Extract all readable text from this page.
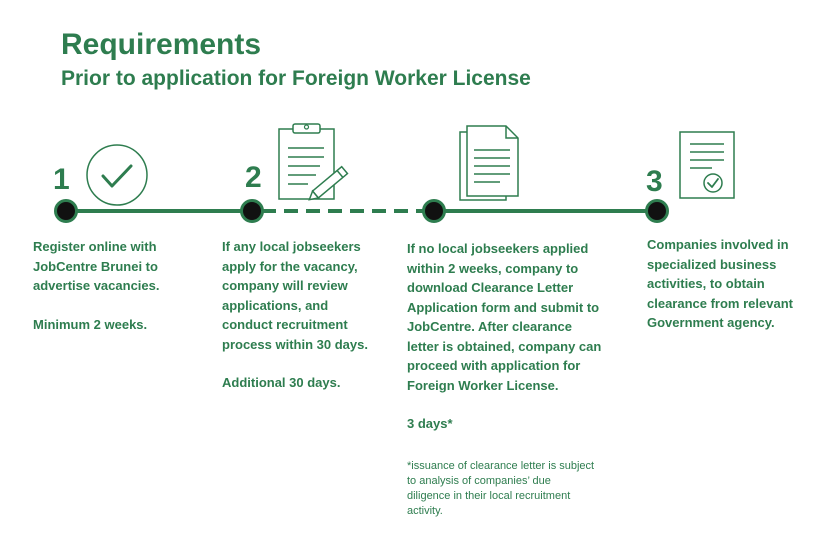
Requirements
Prior to application for Foreign Worker License
1	2	3

Register online with

JobCentre Brunei to

advertise vacancies.

Minimum 2 weeks.

If any local jobseekers

apply for the vacancy,

company will review

applications, and

conduct recruitment

process within 30 days.

Additional 30 days.

If no local jobseekers applied

within 2 weeks, company to

download Clearance Letter

Application form and submit to

JobCentre. After clearance

letter is obtained, company can

proceed with application for

Foreign Worker License.

3 days*

Companies involved in

specialized business

activities, to obtain

clearance from relevant

Government agency.

*issuance of clearance letter is subject
to analysis of companies’ due
diligence in their local recruitment
activity.
